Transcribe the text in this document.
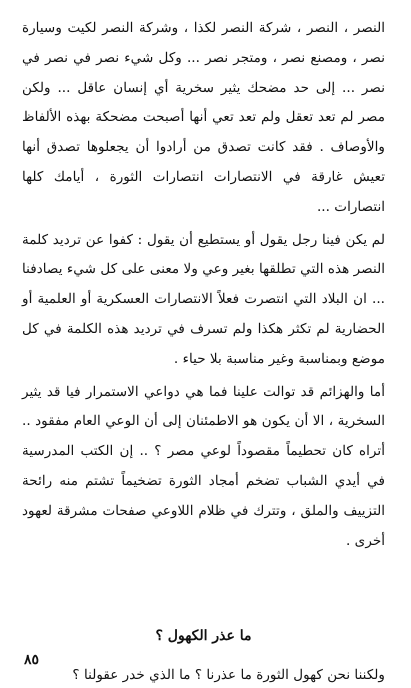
النصر ، النصر ، شركة النصر لكذا ، وشركة النصر لكيت وسيارة نصر ، ومصنع نصر ، ومتجر نصر ... وكل شيء نصر في نصر في نصر ... إلى حد مضحك يثير سخرية أي إنسان عاقل ... ولكن مصر لم تعد تعقل ولم تعد تعي أنها أصبحت مضحكة بهذه الألفاظ والأوصاف . فقد كانت تصدق من أرادوا أن يجعلوها تصدق أنها تعيش غارقة في الانتصارات انتصارات الثورة ، أيامك كلها انتصارات ...

لم يكن فينا رجل يقول أو يستطيع أن يقول : كفوا عن ترديد كلمة النصر هذه التي تطلقها بغير وعي ولا معنى على كل شيء يصادفنا ... ان البلاد التي انتصرت فعلاً الانتصارات العسكرية أو العلمية أو الحضارية لم تكثر هكذا ولم تسرف في ترديد هذه الكلمة في كل موضع وبمناسبة وغير مناسبة بلا حياء .

أما والهزائم قد توالت علينا فما هي دواعي الاستمرار فيا قد يثير السخرية ، الا أن يكون هو الاطمئنان إلى أن الوعي العام مفقود .. أتراه كان تحطيماً مقصوداً لوعي مصر ؟ .. إن الكتب المدرسية في أيدي الشباب تضخم أمجاد الثورة تضخيماً تشتم منه رائحة التزييف والملق ، وتترك في ظلام اللاوعي صفحات مشرقة لعهود أخرى .

ما عذر الكهول ؟

ولكننا نحن كهول الثورة ما عذرنا ؟ ما الذي خدر عقولنا ؟

٨٥
